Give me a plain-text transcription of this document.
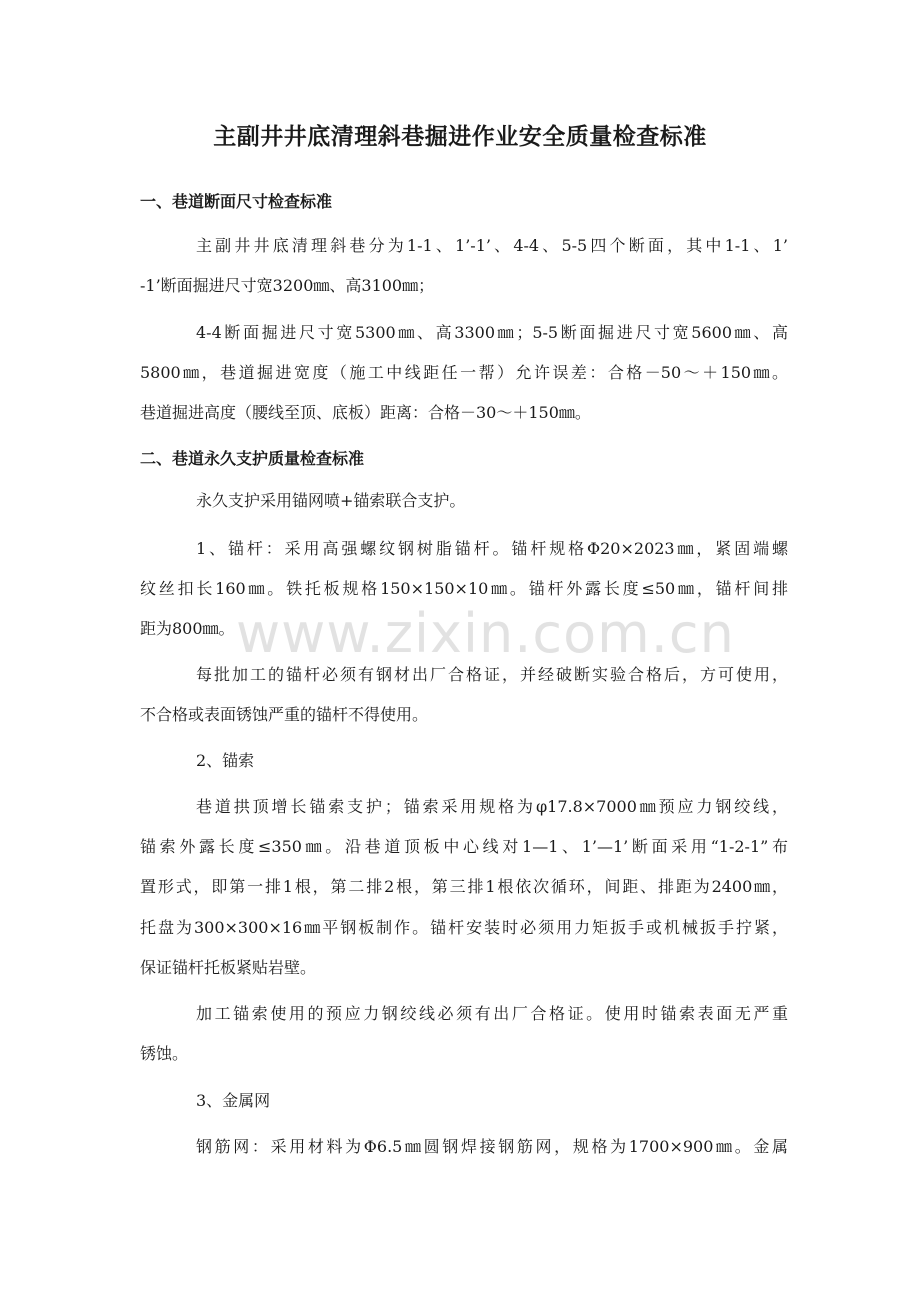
主副井井底清理斜巷掘进作业安全质量检查标准
一、巷道断面尺寸检查标准
主副井井底清理斜巷分为1-1、1’-1’、4-4、5-5四个断面，其中1-1、1’
-1’断面掘进尺寸宽3200㎜、高3100㎜；
4-4断面掘进尺寸宽5300㎜、高3300㎜；5-5断面掘进尺寸宽5600㎜、高
5800㎜，巷道掘进宽度（施工中线距任一帮）允许误差：合格－50～＋150㎜。
巷道掘进高度（腰线至顶、底板）距离：合格－30～＋150㎜。
二、巷道永久支护质量检查标准
永久支护采用锚网喷+锚索联合支护。
1、锚杆：采用高强螺纹钢树脂锚杆。锚杆规格Φ20×2023㎜，紧固端螺
纹丝扣长160㎜。铁托板规格150×150×10㎜。锚杆外露长度≤50㎜，锚杆间排
距为800㎜。
每批加工的锚杆必须有钢材出厂合格证，并经破断实验合格后，方可使用，
不合格或表面锈蚀严重的锚杆不得使用。
2、锚索
巷道拱顶增长锚索支护；锚索采用规格为φ17.8×7000㎜预应力钢绞线，
锚索外露长度≤350㎜。沿巷道顶板中心线对1—1、1’—1’断面采用“1-2-1”布
置形式，即第一排1根，第二排2根，第三排1根依次循环，间距、排距为2400㎜，
托盘为300×300×16㎜平钢板制作。锚杆安装时必须用力矩扳手或机械扳手拧紧，
保证锚杆托板紧贴岩壁。
加工锚索使用的预应力钢绞线必须有出厂合格证。使用时锚索表面无严重
锈蚀。
3、金属网
钢筋网：采用材料为Φ6.5㎜圆钢焊接钢筋网，规格为1700×900㎜。金属
www.zixin.com.cn
